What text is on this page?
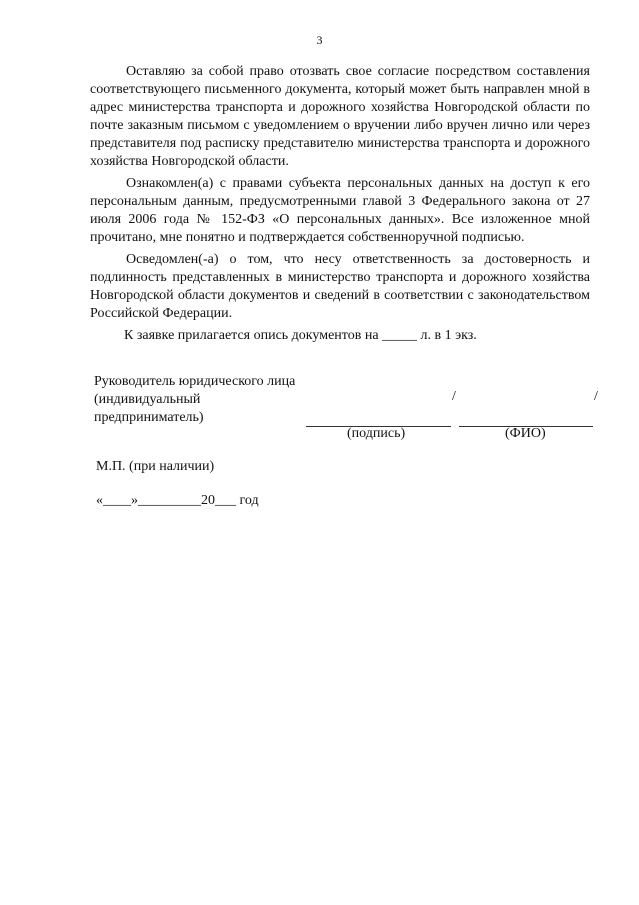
3

Оставляю за собой право отозвать свое согласие посредством составления соответствующего письменного документа, который может быть направлен мной в адрес министерства транспорта и дорожного хозяйства Новгородской области по почте заказным письмом с уведомлением о вручении либо вручен лично или через представителя под расписку представителю министерства транспорта и дорожного хозяйства Новгородской области.

Ознакомлен(а) с правами субъекта персональных данных на доступ к его персональным данным, предусмотренными главой 3 Федерального закона от 27 июля 2006 года № 152-ФЗ «О персональных данных». Все изложенное мной прочитано, мне понятно и подтверждается собственноручной подписью.

Осведомлен(-а) о том, что несу ответственность за достоверность и подлинность представленных в министерство транспорта и дорожного хозяйства Новгородской области документов и сведений в соответствии с законодательством Российской Федерации.

К заявке прилагается опись документов на _____ л. в 1 экз.

Руководитель юридического лица
(индивидуальный
предприниматель)
/	/
(подпись)	(ФИО)
М.П. (при наличии)
«____»_________20___ год
